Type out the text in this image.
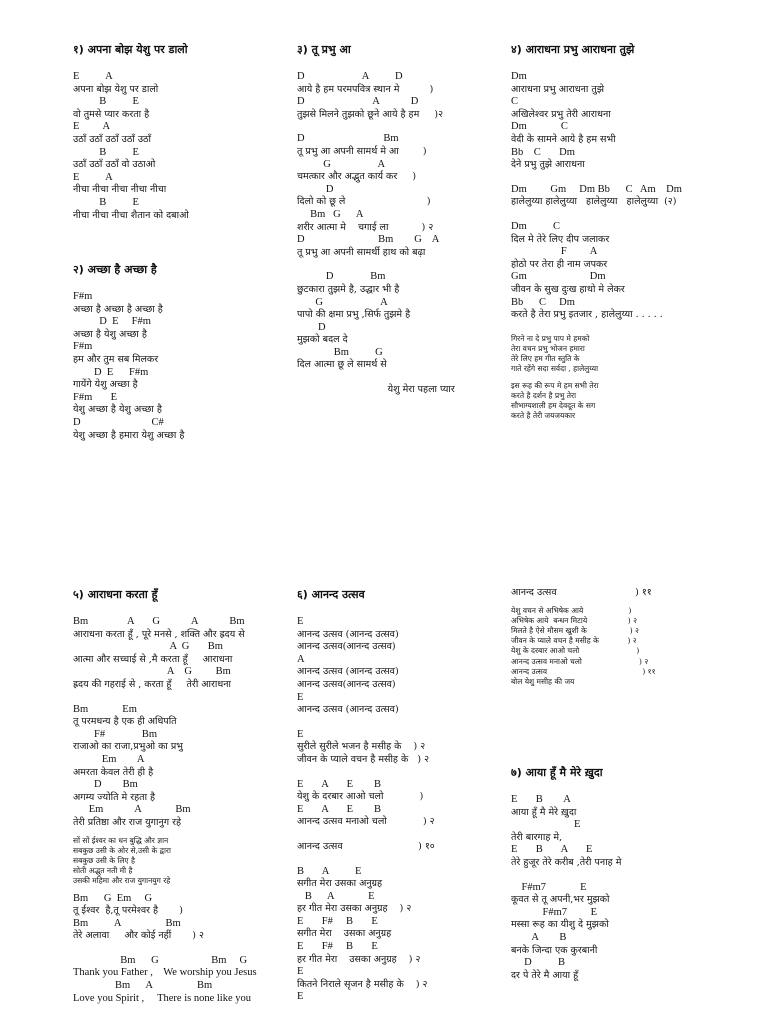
१) अपना बोझ येशु पर डालो
E          A
अपना बोझ येशु पर डालो
B          E
वो तुमसे प्यार करता है
E         A
उठाँ उठाँ उठाँ उठाँ उठाँ
B          E
उठाँ उठाँ उठाँ वो उठाओ
E          A
नीचा नीचा नीचा नीचा नीचा
B          E
नीचा नीचा नीचा शैतान को दबाओ
२) अच्छा है अच्छा है
F#m
अच्छा है अच्छा है अच्छा है
D  E     F#m
अच्छा है येशु अच्छा है
F#m
हम और तुम सब मिलकर
D  E      F#m
गायेंगे येशु अच्छा है
F#m       E
येशु अच्छा है येशु अच्छा है
D                           C#
येशु अच्छा है हमारा येशु अच्छा है
३) तू प्रभु आ
D                      A          D
आये है हम परमपवित्र स्थान मे          )
D                          A            D
तुझसे मिलने तुझको छूने आये है हम     )२
D                              Bm
तू प्रभु आ अपनी सामर्थ मे आ        )
G                  A
चमत्कार और अद्भुत कार्य कर     )
D
दिलो को छू ले                           )
Bm   G      A
शरीर आत्मा मे    चगाई ला           ) २
D                            Bm        G    A
तू प्रभु आ अपनी सामर्थी हाथ को बढ़ा
D              Bm
छुटकारा तुझमे है, उद्धार भी है
G                      A
पापो की क्षमा प्रभु ,सिर्फ तुझमे है
D
मुझको बदल दे
Bm          G
दिल आत्मा छू ले सामर्थ से
येशु मेरा पहला प्यार
४) आराधना प्रभु आराधना तुझे
Dm
आराधना प्रभु आराधना तुझे
C
अखिलेश्वर प्रभु तेरी आराधना
Dm             C
वेदी के सामने आये है हम सभी
Bb    C       Dm
देने प्रभु तुझे आराधना
Dm         Gm     Dm Bb      C   Am    Dm
हालेलुय्या हालेलुय्या   हालेलुय्या   हालेलुय्या  (२)
Dm          C
दिल मे तेरे लिए दीप जलाकर
F         A
होठो पर तेरा ही नाम जपकर
Gm                        Dm
जीवन के सुख दुःख हाथो मे लेकर
Bb      C     Dm
करते है तेरा प्रभु इतजार , हालेलुय्या . . . . .
गिरने ना दे प्रभु पाप मे हमको
तेरा वचन प्रभु भोजन हमारा
तेरे लिए हम गीत स्तुति के
गाते रहेंगे सदा सर्वदा , हालेलुय्या
इस रूह की रूप मे हम सभी तेरा
करते है दर्शन है प्रभु तेरा
सौभाग्यशाली हम देवदूत के सग
करते है तेरी जयजयकार
५) आराधना करता हूँ
Bm               A       G            A            Bm
आराधना करता हूँ , पूरे मनसे , शक्ति और ह्रदय से
A  G       Bm
आत्मा और सच्चाई से ,मै करता हूँ     आराधना
A    G         Bm
ह्रदय की गहराई से , करता हूँ     तेरी आराधना
Bm             Em
तू परमधन्य है एक ही अधिपति
F#              Bm
राजाओ का राजा,प्रभुओ का प्रभु
Em        A
अमरता केवल तेरी ही है
D        Bm
अगम्य ज्योति मे रहता है
Em            A             Bm
तेरी प्रतिष्ठा और राज युगानुग रहे
सों सों ईश्वर का धन बुद्धि और ज्ञान
सबकुछ उसी के ओर से,उसी के द्वारा
सबकुछ उसी के लिए है
सोती अद्भुत नती मी है
उसकी महिमा और राज युगानयुग रहे
Bm      G  Em     G
तू ईश्वर  है,तू परमेश्वर है       )
Bm          A                 Bm
तेरे अलावा     और कोई नहीं       ) २
Bm      G                    Bm     G
Thank you Father ,    We worship you Jesus
Bm      A                 Bm
Love you Spirit ,     There is none like you
६) आनन्द उत्सव
E
आनन्द उत्सव (आनन्द उत्सव)
आनन्द उत्सव(आनन्द उत्सव)
A
आनन्द उत्सव (आनन्द उत्सव)
आनन्द उत्सव(आनन्द उत्सव)
E
आनन्द उत्सव (आनन्द उत्सव)
E
सुरीले सुरीले भजन है मसीह के    ) २
जीवन के प्याले वचन है मसीह के   ) २
E       A       E        B
येशु के दरबार आओ चलो            )
E       A       E        B
आनन्द उत्सव मनाओ चलो            ) २
आनन्द उत्सव                         ) १०
B       A          E
सगीत मेरा उसका अनुग्रह
B      A             E
हर गीत मेरा उसका अनुग्रह    ) २
E       F#     B       E
सगीत मेरा    उसका अनुग्रह
E       F#     B       E
हर गीत मेरा    उसका अनुग्रह    ) २
E
कितने निराले सृजन है मसीह के    ) २
E
आनन्द उत्सव                          ) ११
येशु वचन से अभिषेक आये                   )
अभिषेक आये  बन्धन मिटाये                 ) २
मिलते है ऐसे मौसम खुशी के                  ) २
जीवन के प्याले वचन है मसीह के            ) २
येशु के दरबार आओ चलो                        )
आनन्द उत्सव मनाओ चलो                        ) २
आनन्द उत्सव                                        ) ११
बोल येशु मसीह की जय
७) आया हूँ मै मेरे ख़ुदा
E       B        A
आया हूँ मै मेरे ख़ुदा
E
तेरी बारगाह मे,
E       B       A       E
तेरे हुजूर तेरे करीब ,तेरी पनाह मे
F#m7             E
कूवत से तू अपनी,भर मुझको
F#m7         E
मस्सा रूह का यीशु दे मुझको
A        B
बनके जिन्दा एक कुरबानी
D          B
दर पे तेरे मै आया हूँ
